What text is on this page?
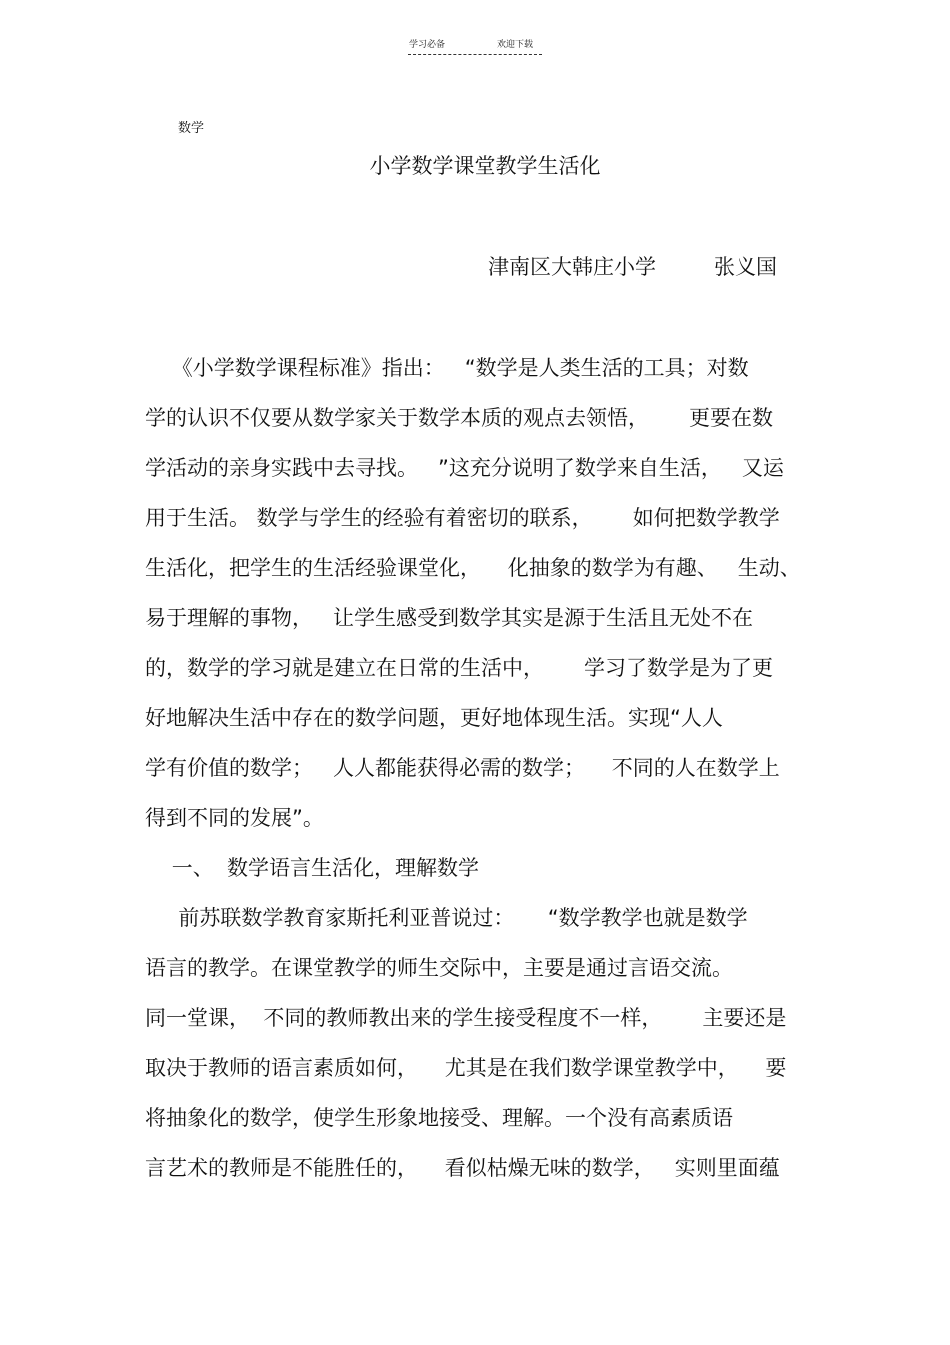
学习必备	欢迎下载
数学
小学数学课堂教学生活化
津南区大韩庄小学	张义国
《小学数学课程标准》指出：   “数学是人类生活的工具；对数
学的认识不仅要从数学家关于数学本质的观点去领悟，      更要在数
学活动的亲身实践中去寻找。   ”这充分说明了数学来自生活，   又运
用于生活。 数学与学生的经验有着密切的联系，      如何把数学教学
生活化，把学生的生活经验课堂化，    化抽象的数学为有趣、   生动、
易于理解的事物，   让学生感受到数学其实是源于生活且无处不在
的，数学的学习就是建立在日常的生活中，      学习了数学是为了更
好地解决生活中存在的数学问题，更好地体现生活。实现“人人
学有价值的数学；   人人都能获得必需的数学；    不同的人在数学上
得到不同的发展”。
一、  数学语言生活化，理解数学
前苏联数学教育家斯托利亚普说过：     “数学教学也就是数学
语言的教学。在课堂教学的师生交际中，主要是通过言语交流。
同一堂课，  不同的教师教出来的学生接受程度不一样，      主要还是
取决于教师的语言素质如何，    尤其是在我们数学课堂教学中，    要
将抽象化的数学，使学生形象地接受、理解。一个没有高素质语
言艺术的教师是不能胜任的，    看似枯燥无味的数学，   实则里面蕴
